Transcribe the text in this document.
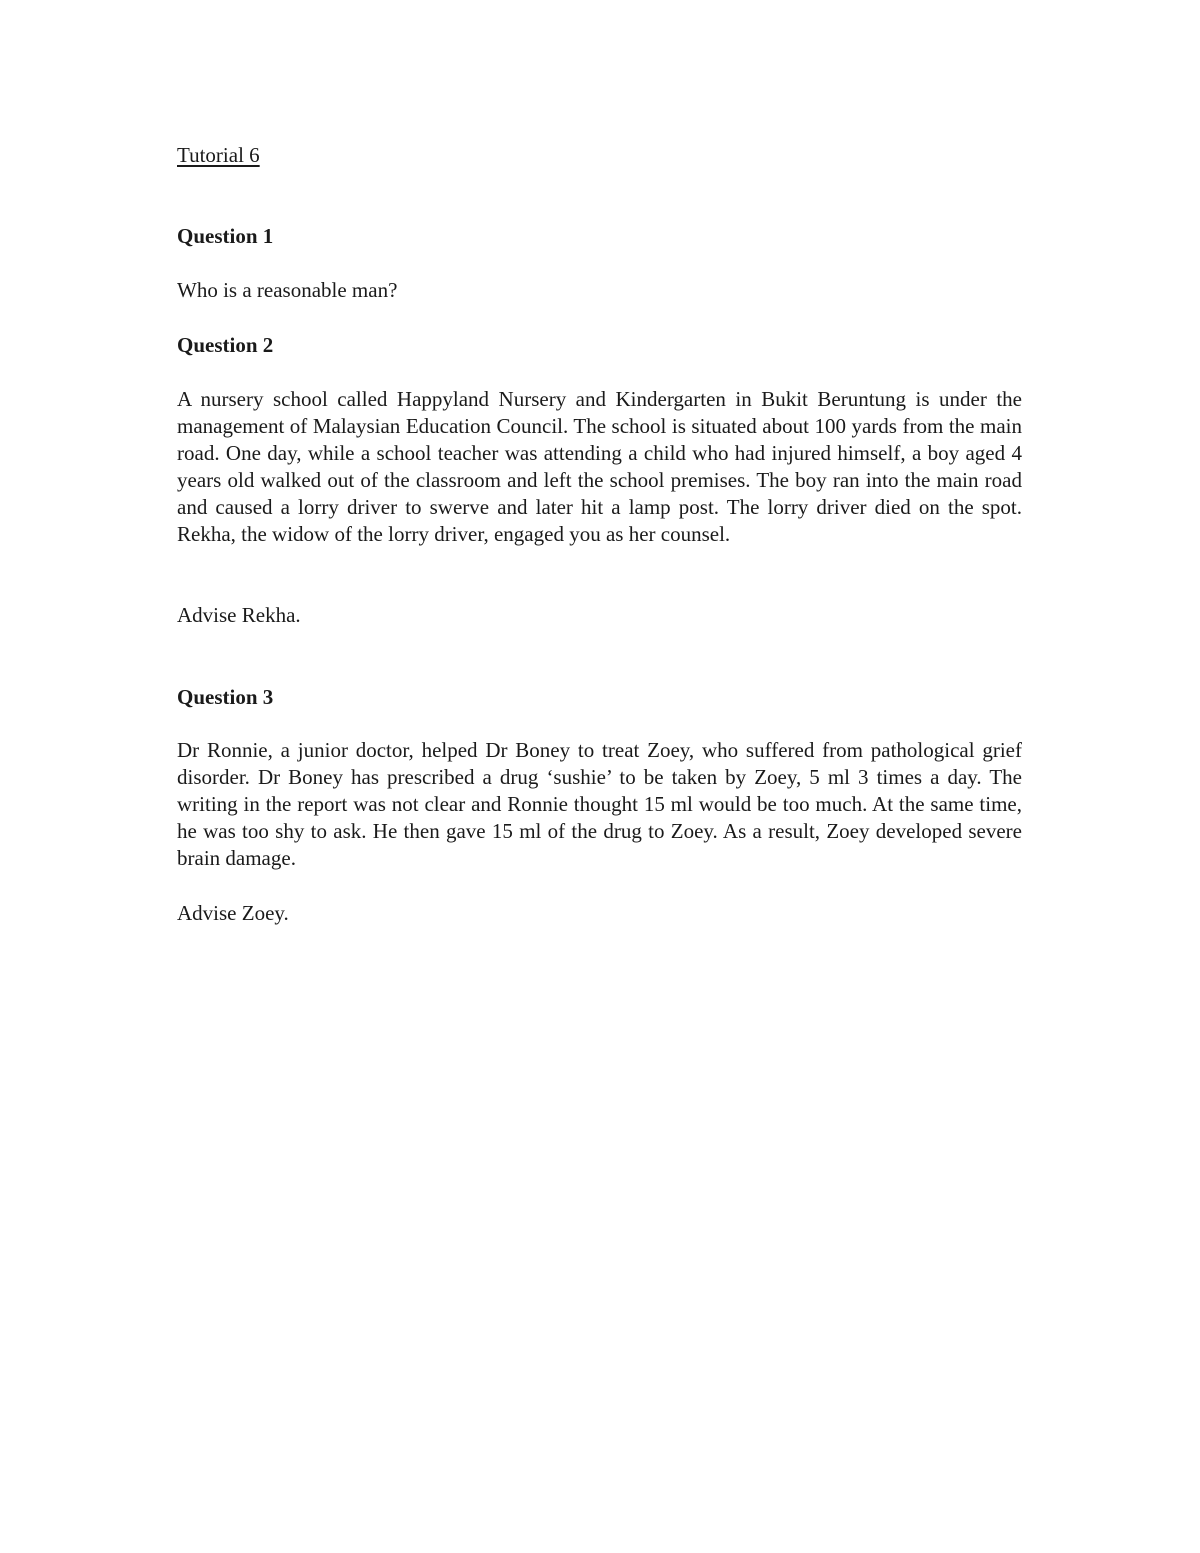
Tutorial 6

Question 1

Who is a reasonable man?

Question 2

A nursery school called Happyland Nursery and Kindergarten in Bukit Beruntung is under the management of Malaysian Education Council. The school is situated about 100 yards from the main road. One day, while a school teacher was attending a child who had injured himself, a boy aged 4 years old walked out of the classroom and left the school premises. The boy ran into the main road and caused a lorry driver to swerve and later hit a lamp post. The lorry driver died on the spot. Rekha, the widow of the lorry driver, engaged you as her counsel.

Advise Rekha.

Question 3

Dr Ronnie, a junior doctor, helped Dr Boney to treat Zoey, who suffered from pathological grief disorder. Dr Boney has prescribed a drug ‘sushie’ to be taken by Zoey, 5 ml 3 times a day. The writing in the report was not clear and Ronnie thought 15 ml would be too much. At the same time, he was too shy to ask. He then gave 15 ml of the drug to Zoey. As a result, Zoey developed severe brain damage.

Advise Zoey.
